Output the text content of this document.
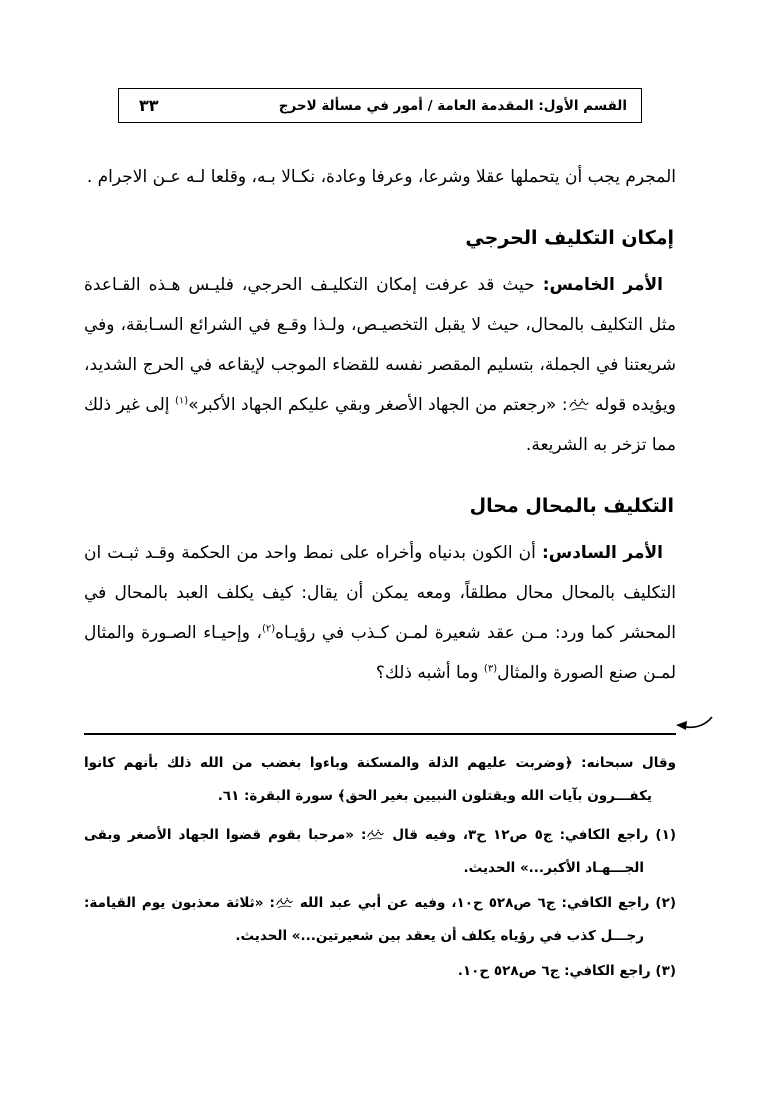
القسم الأول: المقدمة العامة / أمور في مسألة لاحرج
٣٣

المجرم يجب أن يتحملها عقلا وشرعا، وعرفا وعادة، نكـالا بـه، وقلعا لـه عـن الاجرام .

إمكان التكليف الحرجي

الأمر الخامس: حيث قد عرفت إمكان التكليـف الحرجي، فليـس هـذه القـاعدة مثل التكليف بالمحال، حيث لا يقبل التخصيـص، ولـذا وقـع في الشرائع السـابقة، وفي شريعتنا في الجملة، بتسليم المقصر نفسه للقضاء الموجب لإيقاعه في الحرج الشديد، ويؤيده قوله
: «رجعتم من الجهاد الأصغر وبقي عليكم الجهاد الأكبر»$^{(١)}$ إلى غير ذلك مما تزخر به الشريعة.

التكليف بالمحال محال

الأمر السادس: أن الكون بدنياه وأخراه على نمط واحد من الحكمة وقـد ثبـت ان التكليف بالمحال محال مطلقاً، ومعه يمكن أن يقال: كيف يكلف العبد بالمحال في المحشر كما ورد: مـن عقد شعيرة لمـن كـذب في رؤيـاه$^{(٢)}$، وإحيـاء الصـورة والمثال لمـن صنع الصورة والمثال$^{(٣)}$ وما أشبه ذلك؟

وقال سبحانه: ﴿وضربت عليهم الذلة والمسكنة وباءوا بغضب من الله ذلك بأنهم كانوا يكفـــرون بآيات الله ويقتلون النبيين بغير الحق﴾ سورة البقرة: ٦١.

(١) راجع الكافي: ج٥ ص١٢ ح٣، وفيه قال
: «مرحبا بقوم قضوا الجهاد الأصغر وبقى الجـــهـاد الأكبر...» الحديث.

(٢) راجع الكافي: ج٦ ص٥٢٨ ح١٠، وفيه عن أبي عبد الله
: «ثلاثة معذبون يوم القيامة: رجـــل كذب في رؤياه يكلف أن يعقد بين شعيرتين...» الحديث.

(٣) راجع الكافي: ج٦ ص٥٢٨ ح١٠.
